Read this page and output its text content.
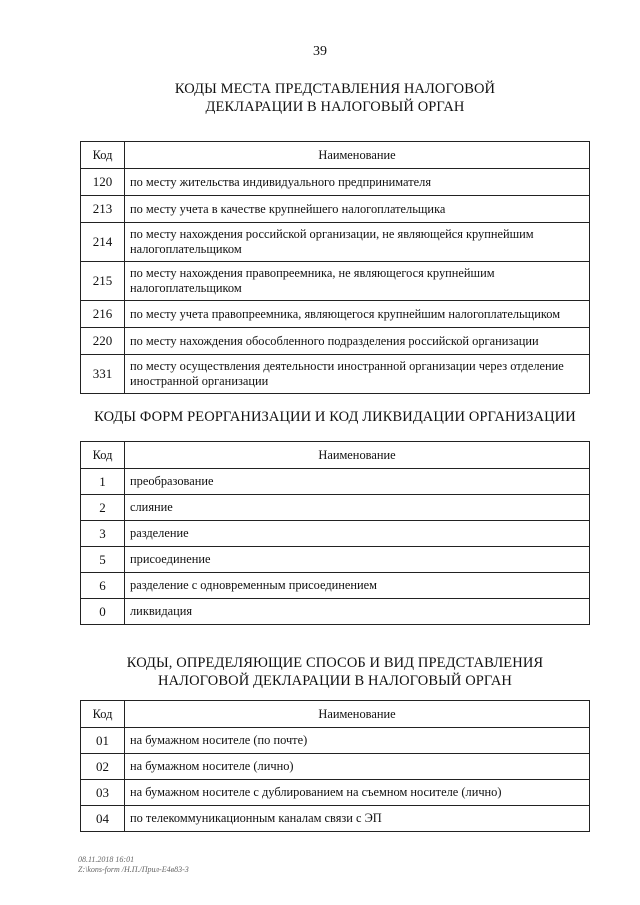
39
КОДЫ МЕСТА ПРЕДСТАВЛЕНИЯ НАЛОГОВОЙ
ДЕКЛАРАЦИИ В НАЛОГОВЫЙ ОРГАН
Код	Наименование
120	по месту жительства индивидуального предпринимателя
213	по месту учета в качестве крупнейшего налогоплательщика
214	по месту нахождения российской организации, не являющейся крупнейшим налогоплательщиком
215	по месту нахождения правопреемника, не являющегося крупнейшим налогоплательщиком
216	по месту учета правопреемника, являющегося крупнейшим налогоплательщиком
220	по месту нахождения обособленного подразделения российской организации
331	по месту осуществления деятельности иностранной организации через отделение иностранной организации
КОДЫ ФОРМ РЕОРГАНИЗАЦИИ И КОД ЛИКВИДАЦИИ ОРГАНИЗАЦИИ
Код	Наименование
1	преобразование
2	слияние
3	разделение
5	присоединение
6	разделение с одновременным присоединением
0	ликвидация
КОДЫ, ОПРЕДЕЛЯЮЩИЕ СПОСОБ И ВИД ПРЕДСТАВЛЕНИЯ
НАЛОГОВОЙ ДЕКЛАРАЦИИ В НАЛОГОВЫЙ ОРГАН
Код	Наименование
01	на бумажном носителе (по почте)
02	на бумажном носителе (лично)
03	на бумажном носителе с дублированием на съемном носителе (лично)
04	по телекоммуникационным каналам связи с ЭП
08.11.2018 16:01
Z:\kons-form /Н.П./Прил-Е4в83-3
